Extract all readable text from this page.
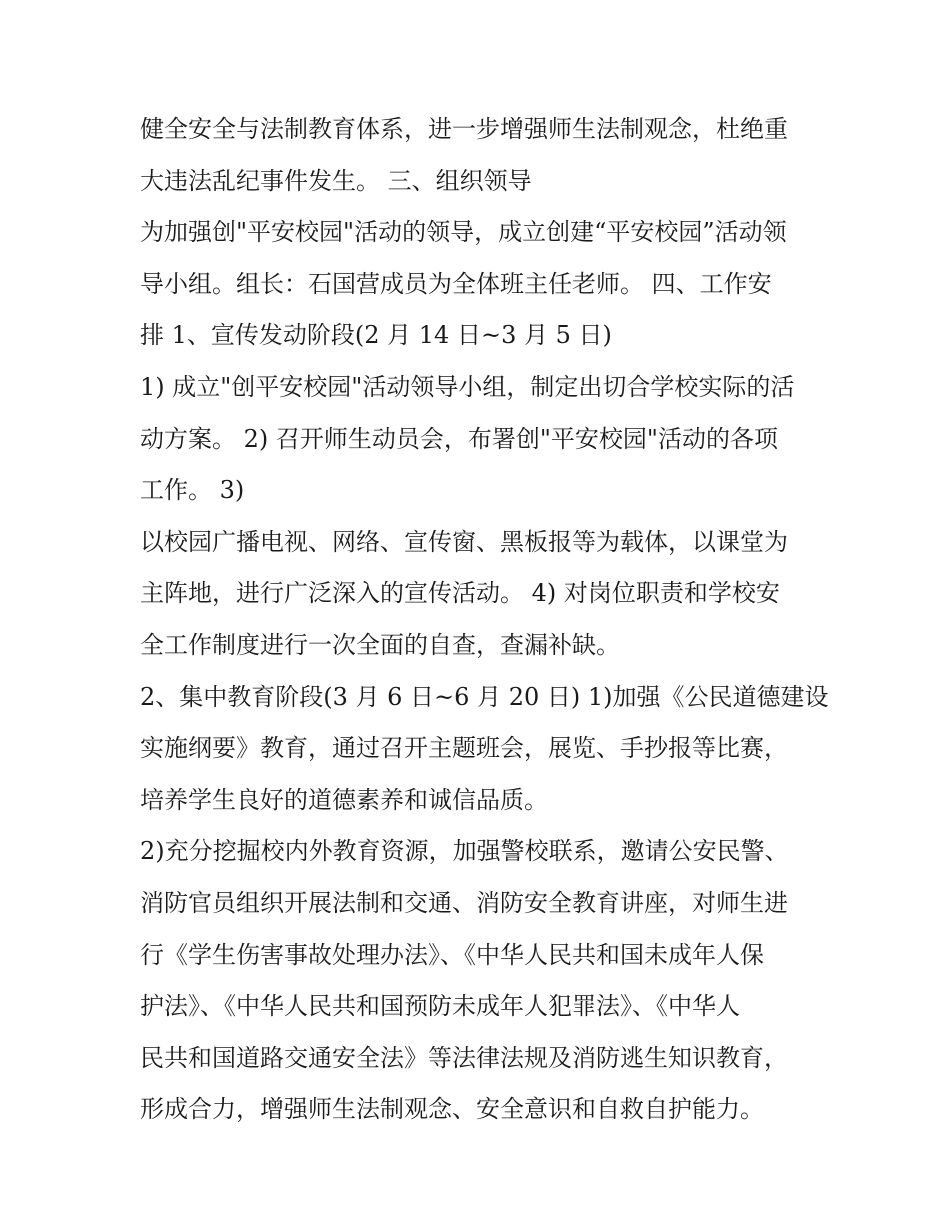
健全安全与法制教育体系，进一步增强师生法制观念，杜绝重

大违法乱纪事件发生。 三、组织领导

为加强创"平安校园"活动的领导，成立创建“平安校园”活动领

导小组。组长：石国营成员为全体班主任老师。 四、工作安

排 1、宣传发动阶段(2 月 14 日~3 月 5 日)

1) 成立"创平安校园"活动领导小组，制定出切合学校实际的活

动方案。 2) 召开师生动员会，布署创"平安校园"活动的各项

工作。 3)

以校园广播电视、网络、宣传窗、黑板报等为载体，以课堂为

主阵地，进行广泛深入的宣传活动。 4) 对岗位职责和学校安

全工作制度进行一次全面的自查，查漏补缺。

2、集中教育阶段(3 月 6 日~6 月 20 日) 1)加强《公民道德建设

实施纲要》教育，通过召开主题班会，展览、手抄报等比赛，

培养学生良好的道德素养和诚信品质。

2)充分挖掘校内外教育资源，加强警校联系，邀请公安民警、

消防官员组织开展法制和交通、消防安全教育讲座，对师生进

行《学生伤害事故处理办法》、《中华人民共和国未成年人保

护法》、《中华人民共和国预防未成年人犯罪法》、《中华人

民共和国道路交通安全法》等法律法规及消防逃生知识教育，

形成合力，增强师生法制观念、安全意识和自救自护能力。
